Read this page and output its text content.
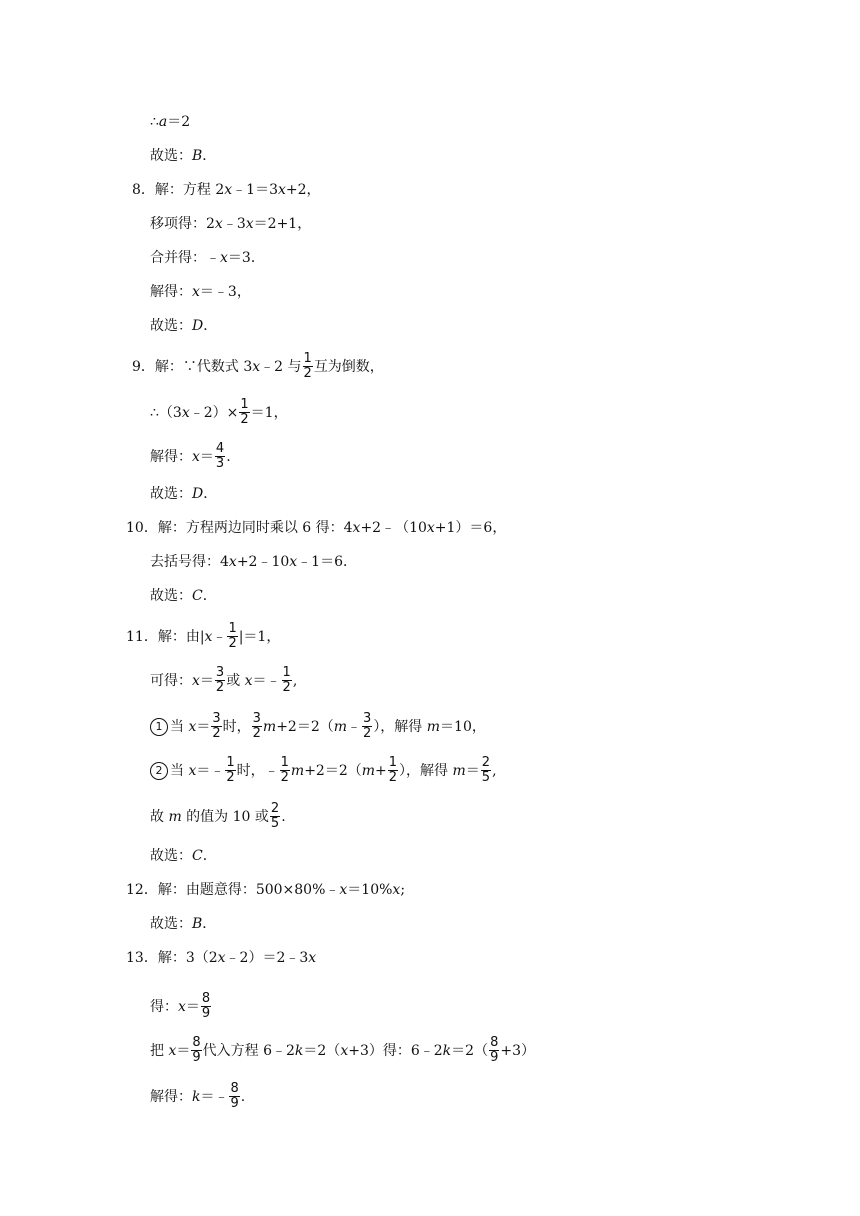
∴ a ＝2
故选： B ．
8．解：方程 2 x ﹣1＝3 x +2，
移项得：2 x ﹣3 x ＝2+1，
合并得：﹣ x ＝3．
解得： x ＝﹣3，
故选： D ．
9．解：∵代数式 3 x ﹣2 与 $\frac{1}{2}$ 互为倒数，
∴（3 x ﹣2）× $\frac{1}{2} =1$，
解得： $x = \frac{4}{3}$ .
故选： D ．
10．解：方程两边同时乘以 6 得：4 x +2﹣（10 x +1）＝6，
去括号得：4 x +2﹣10 x ﹣1＝6．
故选： C ．
11．解：由| x ﹣ $\frac{1}{2} |=1$，
可得： $x = \frac{3}{2}$ 或 x ＝﹣ $\frac{1}{2}$ ,
1 当 $x = \frac{3}{2}$ 时， $\frac{3}{2}$ m +2＝2（ m ﹣ $\frac{3}{2}$ ），解得 m ＝10，
2 当 x ＝﹣ $\frac{1}{2}$ 时，﹣ $\frac{1}{2}$ m +2＝2（ $m + \frac{1}{2}$ ），解得 $m = \frac{2}{5}$ ,
故 m 的值为 10 或 $\frac{2}{5}$ .
故选： C ．
12．解：由题意得：500×80%﹣ x ＝10% x ;
故选： B ．
13．解：3（2 x ﹣2）＝2﹣3 x
得： $x = \frac{8}{9}$
把 $x = \frac{8}{9}$ 代入方程 6﹣2 k ＝2（ x +3）得：6﹣2 $k =2( \frac{8}{9} +3)$
解得： k ＝﹣ $\frac{8}{9}$ .
